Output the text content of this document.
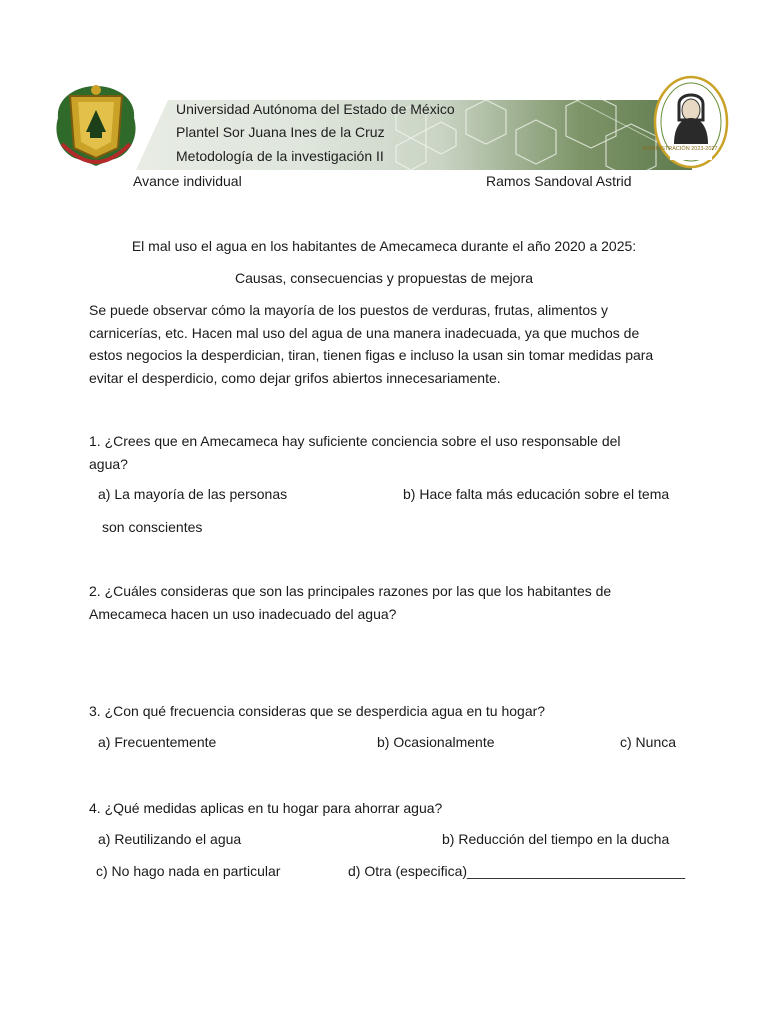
Universidad Autónoma del Estado de México
Plantel Sor Juana Ines de la Cruz
Metodología de la investigación II	ADMINISTRACIÓN 2023-2027
Avance individual	Ramos Sandoval Astrid
El mal uso el agua en los habitantes de Amecameca durante el año 2020 a 2025:
Causas, consecuencias y propuestas de mejora
Se puede observar cómo la mayoría de los puestos de verduras, frutas, alimentos y
carnicerías, etc. Hacen mal uso del agua de una manera inadecuada, ya que muchos de
estos negocios la desperdician, tiran, tienen figas e incluso la usan sin tomar medidas para
evitar el desperdicio, como dejar grifos abiertos innecesariamente.
1. ¿Crees que en Amecameca hay suficiente conciencia sobre el uso responsable del
agua?
a) La mayoría de las personas	b) Hace falta más educación sobre el tema
son conscientes
2. ¿Cuáles consideras que son las principales razones por las que los habitantes de
Amecameca hacen un uso inadecuado del agua?
3. ¿Con qué frecuencia consideras que se desperdicia agua en tu hogar?
a) Frecuentemente	b) Ocasionalmente	c) Nunca
4. ¿Qué medidas aplicas en tu hogar para ahorrar agua?
a) Reutilizando el agua	b) Reducción del tiempo en la ducha
c) No hago nada en particular	d) Otra (especifica)____________________________
